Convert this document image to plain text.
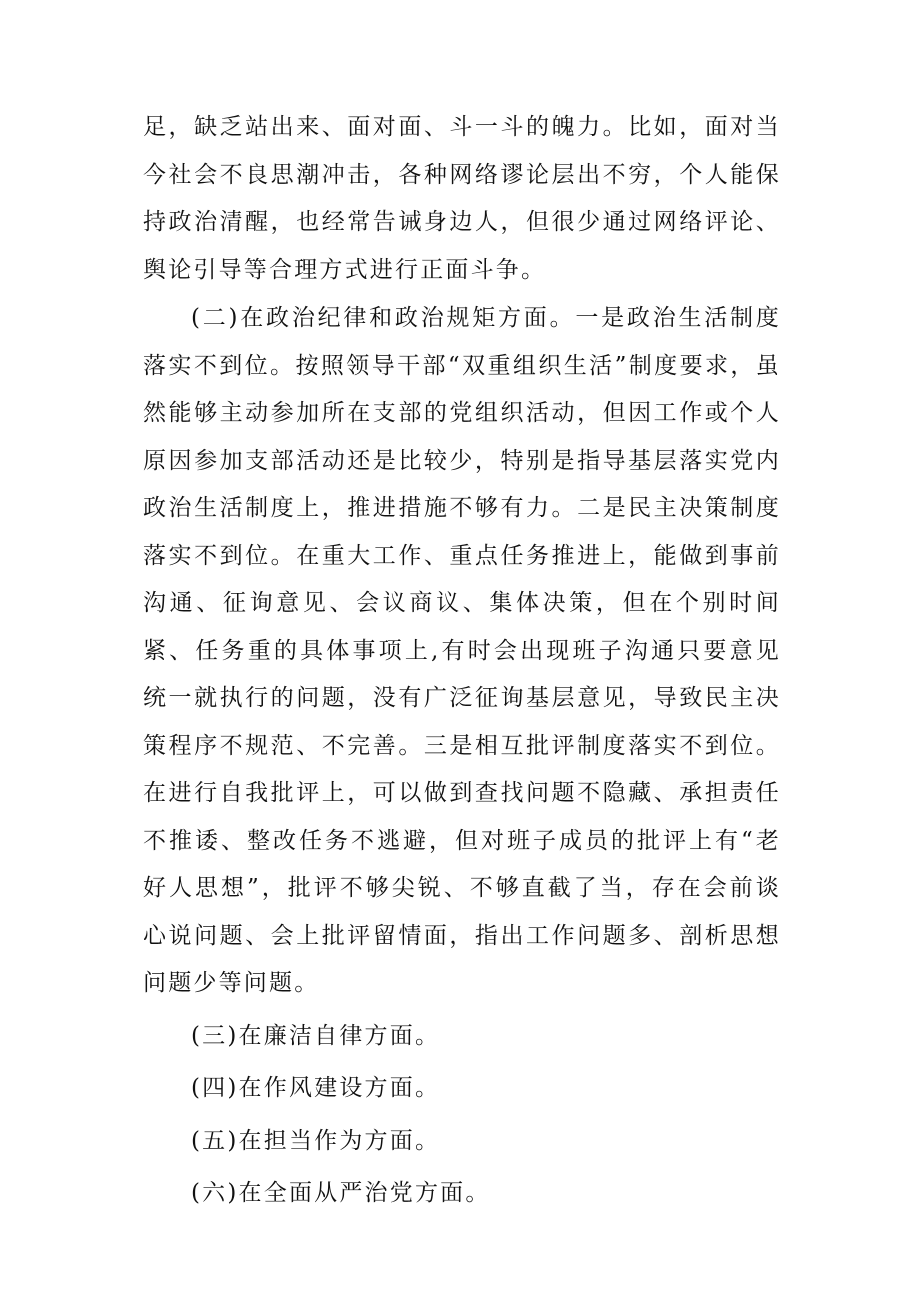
足，缺乏站出来、面对面、斗一斗的魄力。比如，面对当今社会不良思潮冲击，各种网络谬论层出不穷，个人能保持政治清醒，也经常告诫身边人，但很少通过网络评论、舆论引导等合理方式进行正面斗争。

(二)在政治纪律和政治规矩方面。一是政治生活制度落实不到位。按照领导干部“双重组织生活”制度要求，虽然能够主动参加所在支部的党组织活动，但因工作或个人原因参加支部活动还是比较少，特别是指导基层落实党内政治生活制度上，推进措施不够有力。二是民主决策制度落实不到位。在重大工作、重点任务推进上，能做到事前沟通、征询意见、会议商议、集体决策，但在个别时间紧、任务重的具体事项上,有时会出现班子沟通只要意见统一就执行的问题，没有广泛征询基层意见，导致民主决策程序不规范、不完善。三是相互批评制度落实不到位。在进行自我批评上，可以做到查找问题不隐藏、承担责任不推诿、整改任务不逃避，但对班子成员的批评上有“老好人思想”，批评不够尖锐、不够直截了当，存在会前谈心说问题、会上批评留情面，指出工作问题多、剖析思想问题少等问题。

(三)在廉洁自律方面。

(四)在作风建设方面。

(五)在担当作为方面。

(六)在全面从严治党方面。
